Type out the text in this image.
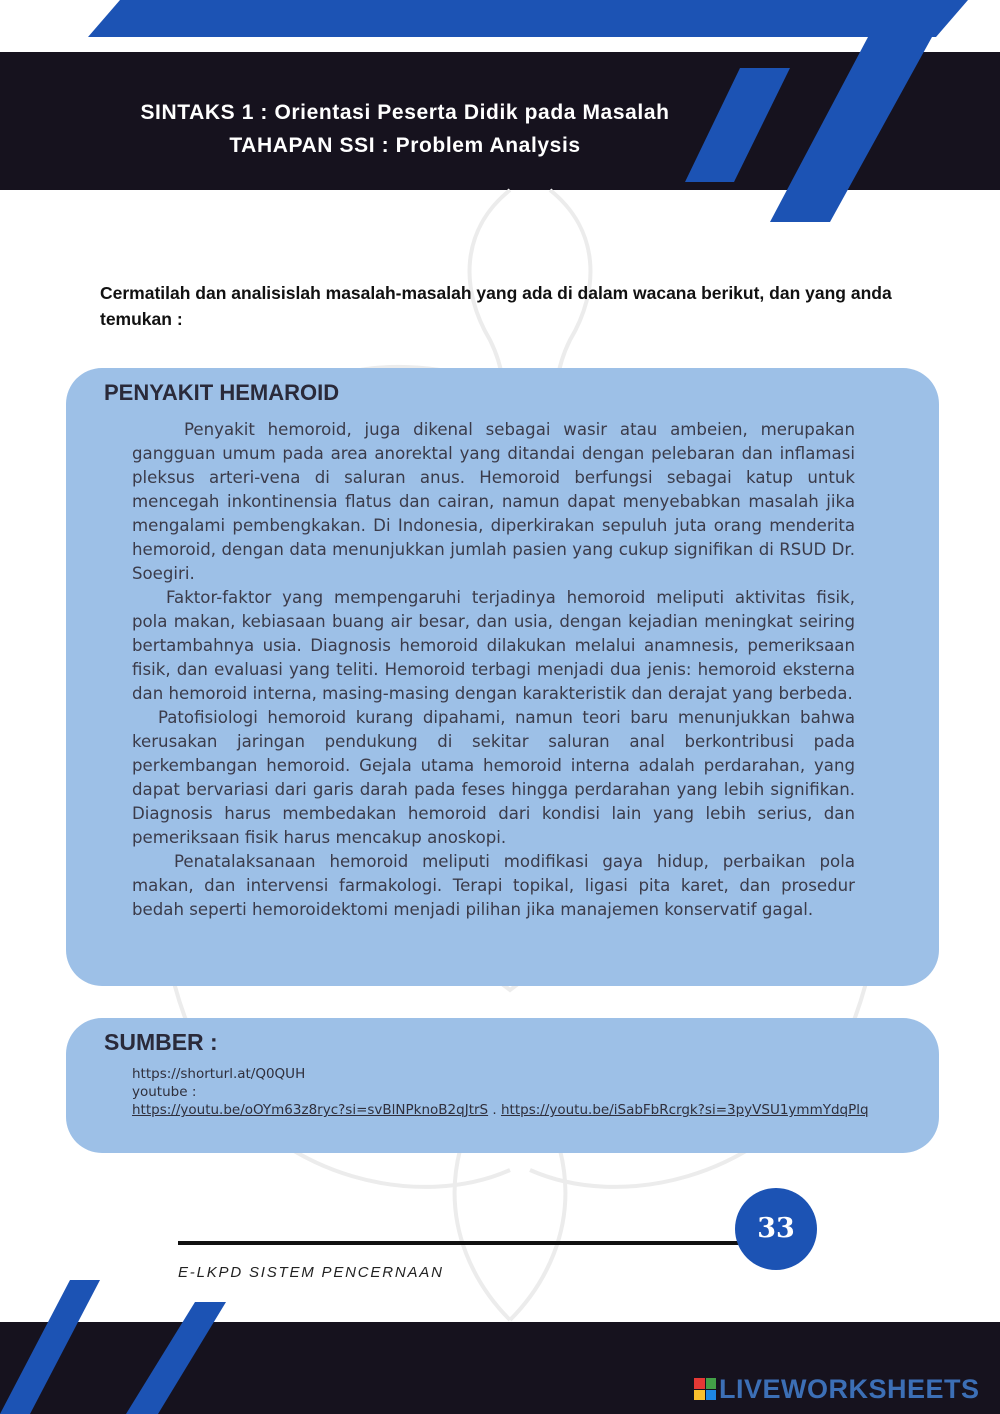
SINTAKS 1 : Orientasi Peserta Didik pada Masalah
TAHAPAN SSI : Problem Analysis
Cermatilah dan analisislah masalah-masalah yang ada di dalam wacana berikut, dan yang anda temukan :
PENYAKIT HEMAROID

Penyakit hemoroid, juga dikenal sebagai wasir atau ambeien, merupakan gangguan umum pada area anorektal yang ditandai dengan pelebaran dan inflamasi pleksus arteri-vena di saluran anus. Hemoroid berfungsi sebagai katup untuk mencegah inkontinensia flatus dan cairan, namun dapat menyebabkan masalah jika mengalami pembengkakan. Di Indonesia, diperkirakan sepuluh juta orang menderita hemoroid, dengan data menunjukkan jumlah pasien yang cukup signifikan di RSUD Dr. Soegiri.

Faktor-faktor yang mempengaruhi terjadinya hemoroid meliputi aktivitas fisik, pola makan, kebiasaan buang air besar, dan usia, dengan kejadian meningkat seiring bertambahnya usia. Diagnosis hemoroid dilakukan melalui anamnesis, pemeriksaan fisik, dan evaluasi yang teliti. Hemoroid terbagi menjadi dua jenis: hemoroid eksterna dan hemoroid interna, masing-masing dengan karakteristik dan derajat yang berbeda.

Patofisiologi hemoroid kurang dipahami, namun teori baru menunjukkan bahwa kerusakan jaringan pendukung di sekitar saluran anal berkontribusi pada perkembangan hemoroid. Gejala utama hemoroid interna adalah perdarahan, yang dapat bervariasi dari garis darah pada feses hingga perdarahan yang lebih signifikan. Diagnosis harus membedakan hemoroid dari kondisi lain yang lebih serius, dan pemeriksaan fisik harus mencakup anoskopi.

Penatalaksanaan hemoroid meliputi modifikasi gaya hidup, perbaikan pola makan, dan intervensi farmakologi. Terapi topikal, ligasi pita karet, dan prosedur bedah seperti hemoroidektomi menjadi pilihan jika manajemen konservatif gagal.

SUMBER :
https://shorturl.at/Q0QUH
youtube :
https://youtu.be/oOYm63z8ryc?si=svBlNPknoB2qJtrS . https://youtu.be/iSabFbRcrgk?si=3pyVSU1ymmYdqPlq
33
E-LKPD SISTEM PENCERNAAN
LIVEWORKSHEETS
